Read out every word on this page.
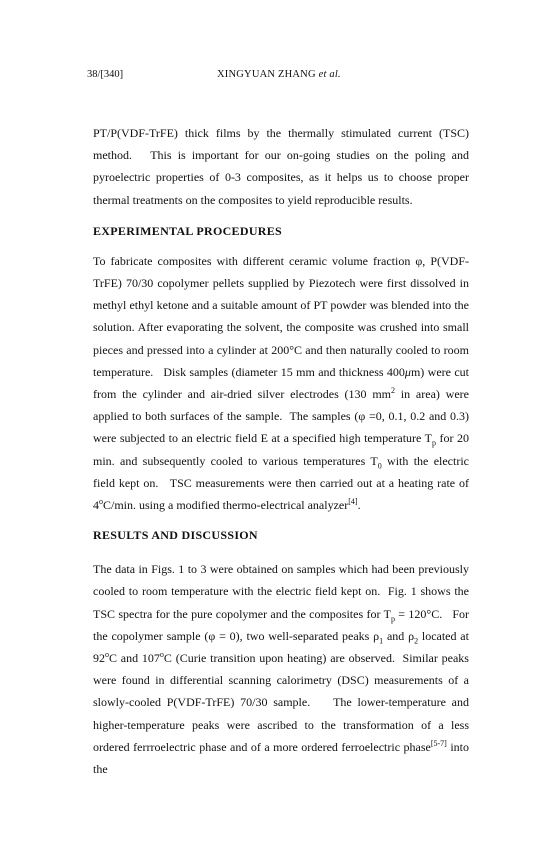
38/[340]	XINGYUAN ZHANG et al.

PT/P(VDF-TrFE) thick films by the thermally stimulated current (TSC) method.   This is important for our on-going studies on the poling and pyroelectric properties of 0-3 composites, as it helps us to choose proper thermal treatments on the composites to yield reproducible results.

EXPERIMENTAL PROCEDURES

To fabricate composites with different ceramic volume fraction φ, P(VDF-TrFE) 70/30 copolymer pellets supplied by Piezotech were first dissolved in methyl ethyl ketone and a suitable amount of PT powder was blended into the solution. After evaporating the solvent, the composite was crushed into small pieces and pressed into a cylinder at 200°C and then naturally cooled to room temperature.   Disk samples (diameter 15 mm and thickness 400μm) were cut from the cylinder and air-dried silver electrodes (130 $mm^2$ in area) were applied to both surfaces of the sample.  The samples (φ =0, 0.1, 0.2 and 0.3) were subjected to an electric field E at a specified high temperature $T_p$ for 20 min. and subsequently cooled to various temperatures $T_0$ with the electric field kept on.   TSC measurements were then carried out at a heating rate of 4$^o$C/min. using a modified thermo-electrical analyzer[4].

RESULTS AND DISCUSSION

The data in Figs. 1 to 3 were obtained on samples which had been previously cooled to room temperature with the electric field kept on.  Fig. 1 shows the TSC spectra for the pure copolymer and the composites for $T_p = 120^\circ C$.   For the copolymer sample (φ = 0), two well-separated peaks $\rho_1$ and $\rho_2$ located at 92$^o$C and 107$^o$C (Curie transition upon heating) are observed.  Similar peaks were found in differential scanning calorimetry (DSC) measurements of a slowly-cooled P(VDF-TrFE) 70/30 sample.    The lower-temperature and higher-temperature peaks were ascribed to the transformation of a less ordered ferrroelectric phase and of a more ordered ferroelectric phase[5-7] into the
